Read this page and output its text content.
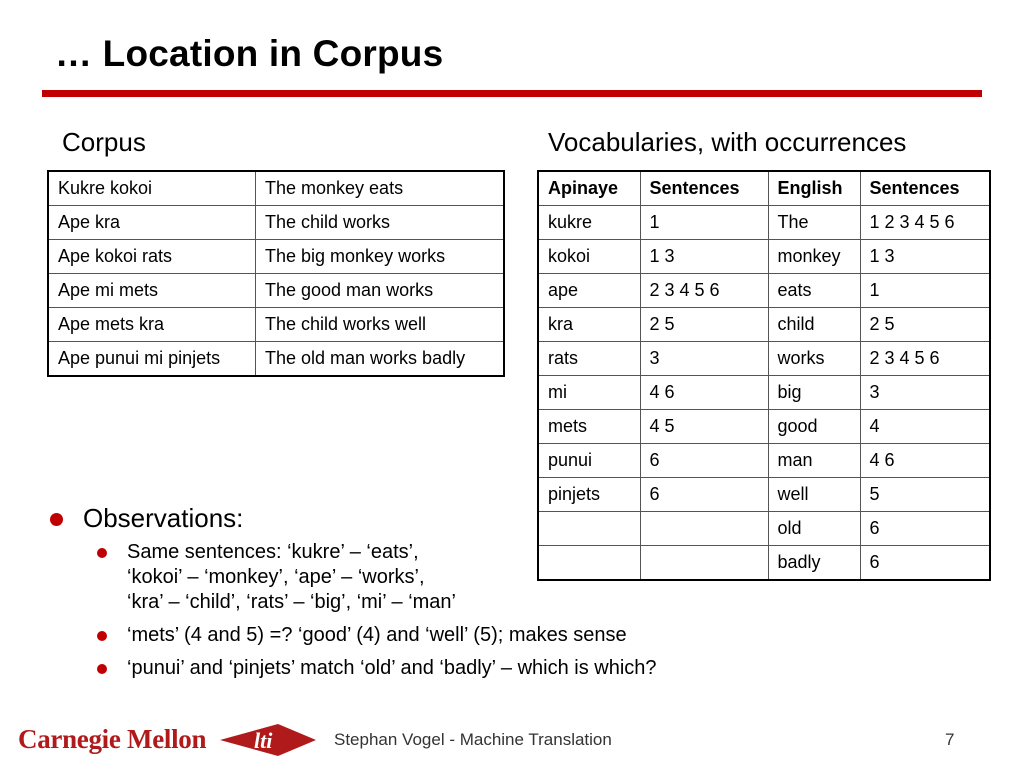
… Location in Corpus
Corpus	Vocabularies, with occurrences
Kukre kokoi	The monkey eats
Ape kra	The child works
Ape kokoi rats	The big monkey works
Ape mi mets	The good man works
Ape mets kra	The child works well
Ape punui mi pinjets	The old man works badly
Apinaye	Sentences	English	Sentences
kukre	1	The	1 2 3 4 5 6
kokoi	1 3	monkey	1 3
ape	2 3 4 5 6	eats	1
kra	2 5	child	2 5
rats	3	works	2 3 4 5 6
mi	4 6	big	3
mets	4 5	good	4
punui	6	man	4 6
pinjets	6	well	5
		old	6
		badly	6
Observations:
Same sentences: ‘kukre’ – ‘eats’,
‘kokoi’ – ‘monkey’, ‘ape’ – ‘works’,
‘kra’ – ‘child’, ‘rats’ – ‘big’, ‘mi’ – ‘man’
‘mets’ (4 and 5) =? ‘good’ (4) and ‘well’ (5); makes sense
‘punui’ and ‘pinjets’ match ‘old’ and ‘badly’ – which is which?
Carnegie Mellon lti	Stephan Vogel - Machine Translation	7
